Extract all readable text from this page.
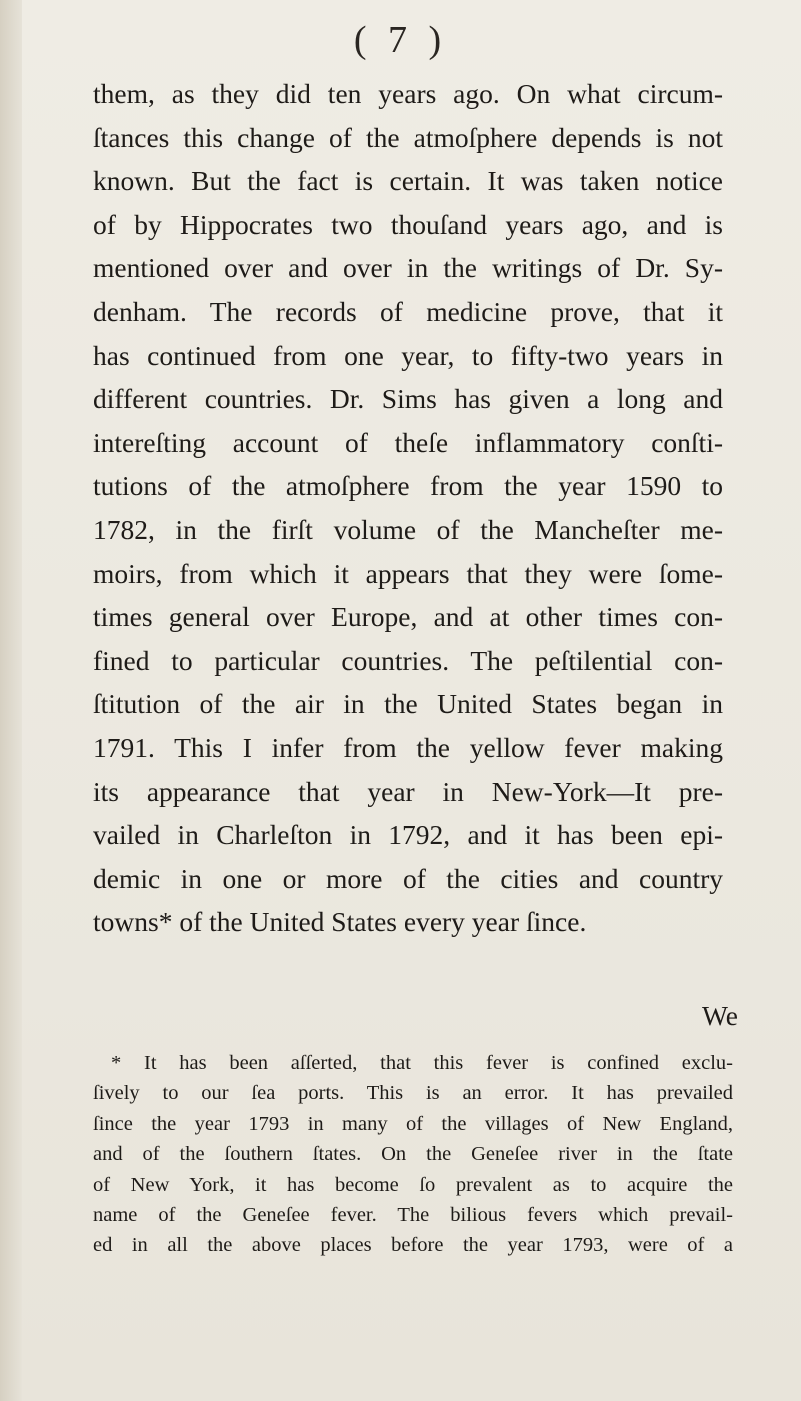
( 7 )
them, as they did ten years ago. On what circum-
ſtances this change of the atmoſphere depends is not
known. But the fact is certain. It was taken notice
of by Hippocrates two thouſand years ago, and is
mentioned over and over in the writings of Dr. Sy-
denham. The records of medicine prove, that it
has continued from one year, to fifty-two years in
different countries. Dr. Sims has given a long and
intereſting account of theſe inflammatory conſti-
tutions of the atmoſphere from the year 1590 to
1782, in the firſt volume of the Mancheſter me-
moirs, from which it appears that they were ſome-
times general over Europe, and at other times con-
fined to particular countries. The peſtilential con-
ſtitution of the air in the United States began in
1791. This I infer from the yellow fever making
its appearance that year in New-York—It pre-
vailed in Charleſton in 1792, and it has been epi-
demic in one or more of the cities and country
towns* of the United States every year ſince.
We
* It has been aſſerted, that this fever is confined exclu-
ſively to our ſea ports. This is an error. It has prevailed
ſince the year 1793 in many of the villages of New England,
and of the ſouthern ſtates. On the Geneſee river in the ſtate
of New York, it has become ſo prevalent as to acquire the
name of the Geneſee fever. The bilious fevers which prevail-
ed in all the above places before the year 1793, were of a
